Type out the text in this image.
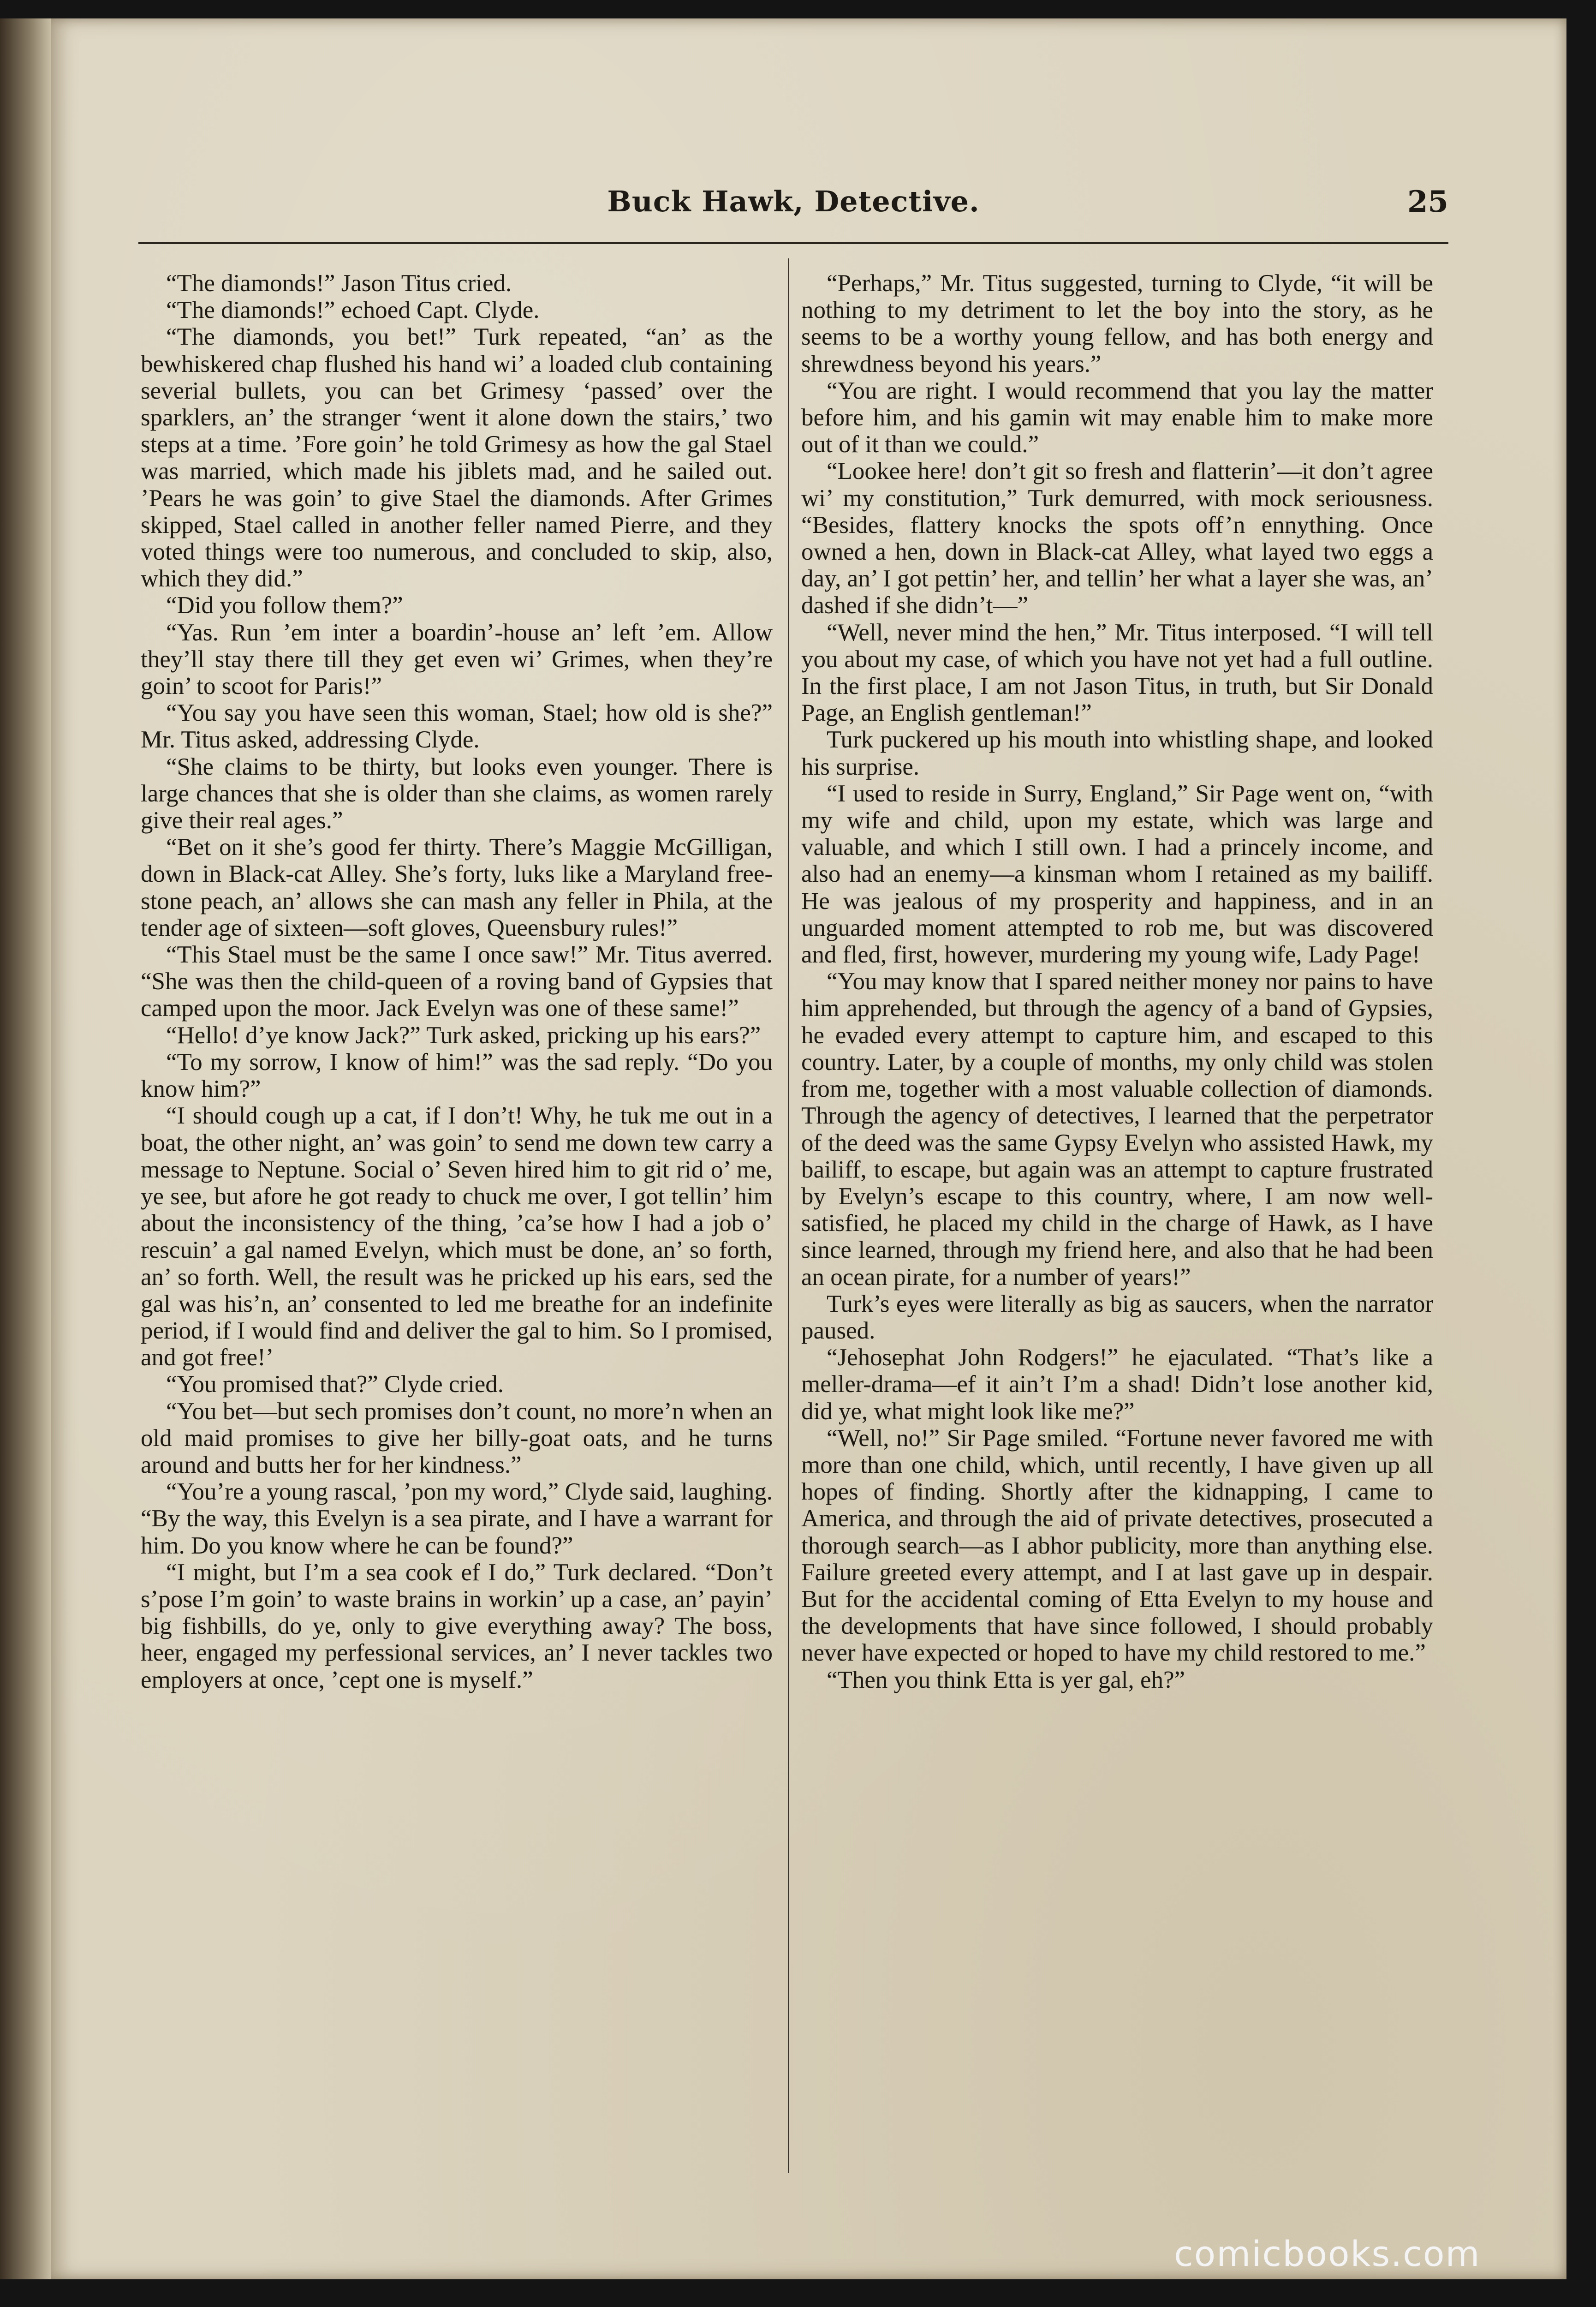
Buck Hawk, Detective.	25

“The diamonds!” Jason Titus cried.

“The diamonds!” echoed Capt. Clyde.

“The diamonds, you bet!” Turk repeated, “an’ as the bewhiskered chap flushed his hand wi’ a loaded club containing severial bullets, you can bet Grimesy ‘passed’ over the sparklers, an’ the stranger ‘went it alone down the stairs,’ two steps at a time. ’Fore goin’ he told Grimesy as how the gal Stael was married, which made his jiblets mad, and he sailed out. ’Pears he was goin’ to give Stael the diamonds. After Grimes skipped, Stael called in another feller named Pierre, and they voted things were too numerous, and concluded to skip, also, which they did.”

“Did you follow them?”

“Yas. Run ’em inter a boardin’-house an’ left ’em. Allow they’ll stay there till they get even wi’ Grimes, when they’re goin’ to scoot for Paris!”

“You say you have seen this woman, Stael; how old is she?” Mr. Titus asked, addressing Clyde.

“She claims to be thirty, but looks even younger. There is large chances that she is older than she claims, as women rarely give their real ages.”

“Bet on it she’s good fer thirty. There’s Maggie McGilligan, down in Black-cat Alley. She’s forty, luks like a Maryland free-stone peach, an’ allows she can mash any feller in Phila, at the tender age of sixteen—soft gloves, Queensbury rules!”

“This Stael must be the same I once saw!” Mr. Titus averred. “She was then the child-queen of a roving band of Gypsies that camped upon the moor. Jack Evelyn was one of these same!”

“Hello! d’ye know Jack?” Turk asked, pricking up his ears?”

“To my sorrow, I know of him!” was the sad reply. “Do you know him?”

“I should cough up a cat, if I don’t! Why, he tuk me out in a boat, the other night, an’ was goin’ to send me down tew carry a message to Neptune. Social o’ Seven hired him to git rid o’ me, ye see, but afore he got ready to chuck me over, I got tellin’ him about the inconsistency of the thing, ’ca’se how I had a job o’ rescuin’ a gal named Evelyn, which must be done, an’ so forth, an’ so forth. Well, the result was he pricked up his ears, sed the gal was his’n, an’ consented to led me breathe for an indefinite period, if I would find and deliver the gal to him. So I promised, and got free!’

“You promised that?” Clyde cried.

“You bet—but sech promises don’t count, no more’n when an old maid promises to give her billy-goat oats, and he turns around and butts her for her kindness.”

“You’re a young rascal, ’pon my word,” Clyde said, laughing. “By the way, this Evelyn is a sea pirate, and I have a warrant for him. Do you know where he can be found?”

“I might, but I’m a sea cook ef I do,” Turk declared. “Don’t s’pose I’m goin’ to waste brains in workin’ up a case, an’ payin’ big fishbills, do ye, only to give everything away? The boss, heer, engaged my perfessional services, an’ I never tackles two employers at once, ’cept one is myself.”

“Perhaps,” Mr. Titus suggested, turning to Clyde, “it will be nothing to my detriment to let the boy into the story, as he seems to be a worthy young fellow, and has both energy and shrewdness beyond his years.”

“You are right. I would recommend that you lay the matter before him, and his gamin wit may enable him to make more out of it than we could.”

“Lookee here! don’t git so fresh and flatterin’—it don’t agree wi’ my constitution,” Turk demurred, with mock seriousness. “Besides, flattery knocks the spots off’n ennything. Once owned a hen, down in Black-cat Alley, what layed two eggs a day, an’ I got pettin’ her, and tellin’ her what a layer she was, an’ dashed if she didn’t—”

“Well, never mind the hen,” Mr. Titus interposed. “I will tell you about my case, of which you have not yet had a full outline. In the first place, I am not Jason Titus, in truth, but Sir Donald Page, an English gentleman!”

Turk puckered up his mouth into whistling shape, and looked his surprise.

“I used to reside in Surry, England,” Sir Page went on, “with my wife and child, upon my estate, which was large and valuable, and which I still own. I had a princely income, and also had an enemy—a kinsman whom I retained as my bailiff. He was jealous of my prosperity and happiness, and in an unguarded moment attempted to rob me, but was discovered and fled, first, however, murdering my young wife, Lady Page!

“You may know that I spared neither money nor pains to have him apprehended, but through the agency of a band of Gypsies, he evaded every attempt to capture him, and escaped to this country. Later, by a couple of months, my only child was stolen from me, together with a most valuable collection of diamonds. Through the agency of detectives, I learned that the perpetrator of the deed was the same Gypsy Evelyn who assisted Hawk, my bailiff, to escape, but again was an attempt to capture frustrated by Evelyn’s escape to this country, where, I am now well-satisfied, he placed my child in the charge of Hawk, as I have since learned, through my friend here, and also that he had been an ocean pirate, for a number of years!”

Turk’s eyes were literally as big as saucers, when the narrator paused.

“Jehosephat John Rodgers!” he ejaculated. “That’s like a meller-drama—ef it ain’t I’m a shad! Didn’t lose another kid, did ye, what might look like me?”

“Well, no!” Sir Page smiled. “Fortune never favored me with more than one child, which, until recently, I have given up all hopes of finding. Shortly after the kidnapping, I came to America, and through the aid of private detectives, prosecuted a thorough search—as I abhor publicity, more than anything else. Failure greeted every attempt, and I at last gave up in despair. But for the accidental coming of Etta Evelyn to my house and the developments that have since followed, I should probably never have expected or hoped to have my child restored to me.”

“Then you think Etta is yer gal, eh?”

comicbooks.com
